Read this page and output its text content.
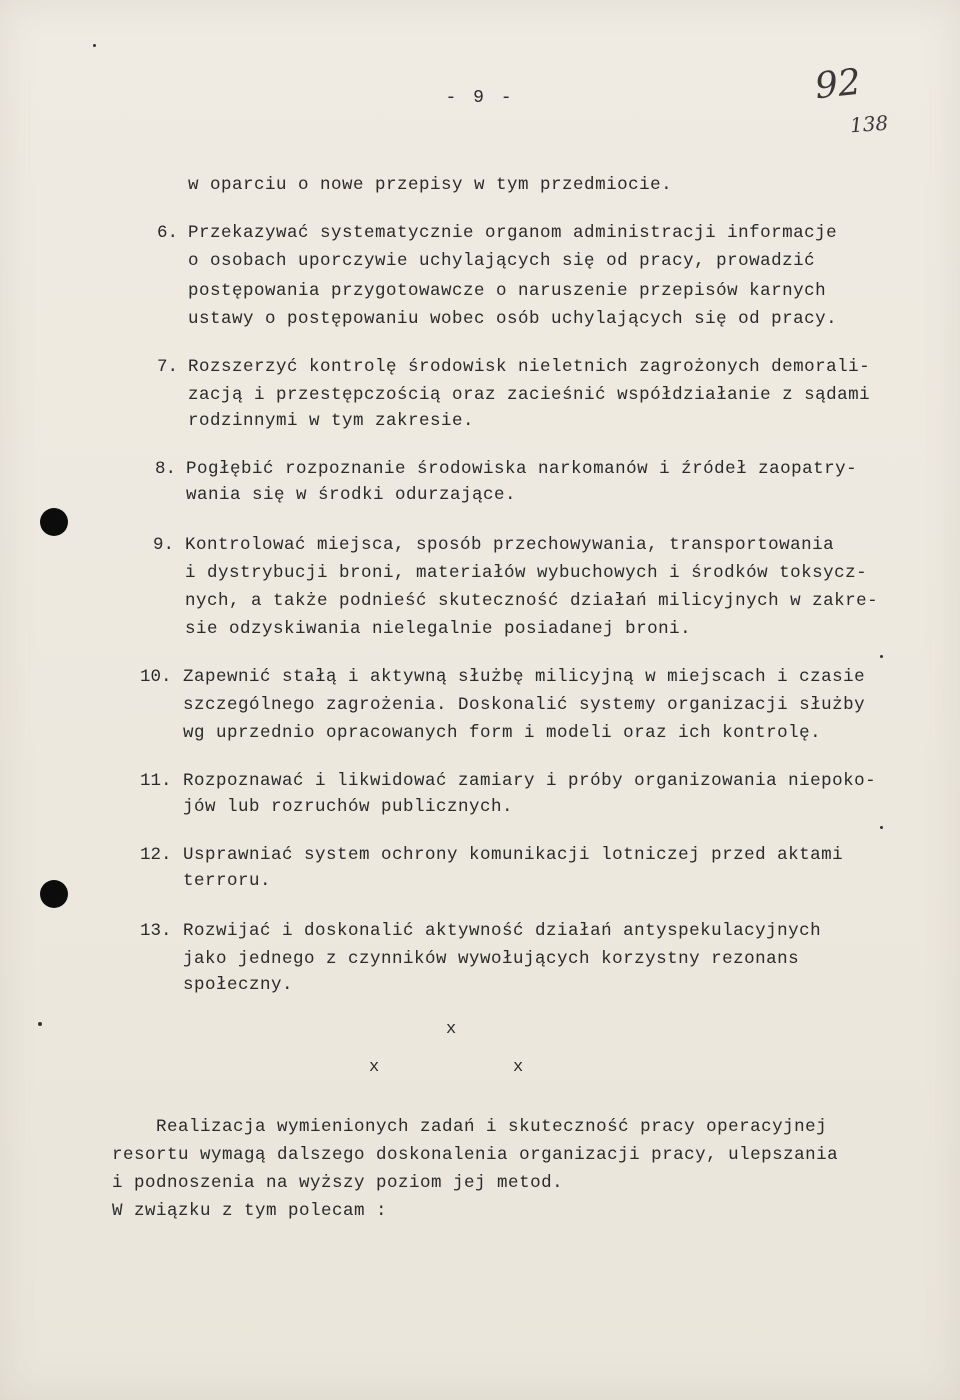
- 9 -	92
138
w oparciu o nowe przepisy w tym przedmiocie.
6. Przekazywać systematycznie organom administracji informacje
o osobach uporczywie uchylających się od pracy, prowadzić
postępowania przygotowawcze o naruszenie przepisów karnych
ustawy o postępowaniu wobec osób uchylających się od pracy.
7. Rozszerzyć kontrolę środowisk nieletnich zagrożonych demorali-
zacją i przestępczością oraz zacieśnić współdziałanie z sądami
rodzinnymi w tym zakresie.
8. Pogłębić rozpoznanie środowiska narkomanów i źródeł zaopatry-
wania się w środki odurzające.
9. Kontrolować miejsca, sposób przechowywania, transportowania
i dystrybucji broni, materiałów wybuchowych i środków toksycz-
nych, a także podnieść skuteczność działań milicyjnych w zakre-
sie odzyskiwania nielegalnie posiadanej broni.
10. Zapewnić stałą i aktywną służbę milicyjną w miejscach i czasie
szczególnego zagrożenia. Doskonalić systemy organizacji służby
wg uprzednio opracowanych form i modeli oraz ich kontrolę.
11. Rozpoznawać i likwidować zamiary i próby organizowania niepoko-
jów lub rozruchów publicznych.
12. Usprawniać system ochrony komunikacji lotniczej przed aktami
terroru.
13. Rozwijać i doskonalić aktywność działań antyspekulacyjnych
jako jednego z czynników wywołujących korzystny rezonans
społeczny.
x
x	x
Realizacja wymienionych zadań i skuteczność pracy operacyjnej
resortu wymagą dalszego doskonalenia organizacji pracy, ulepszania
i podnoszenia na wyższy poziom jej metod.
W związku z tym polecam :
